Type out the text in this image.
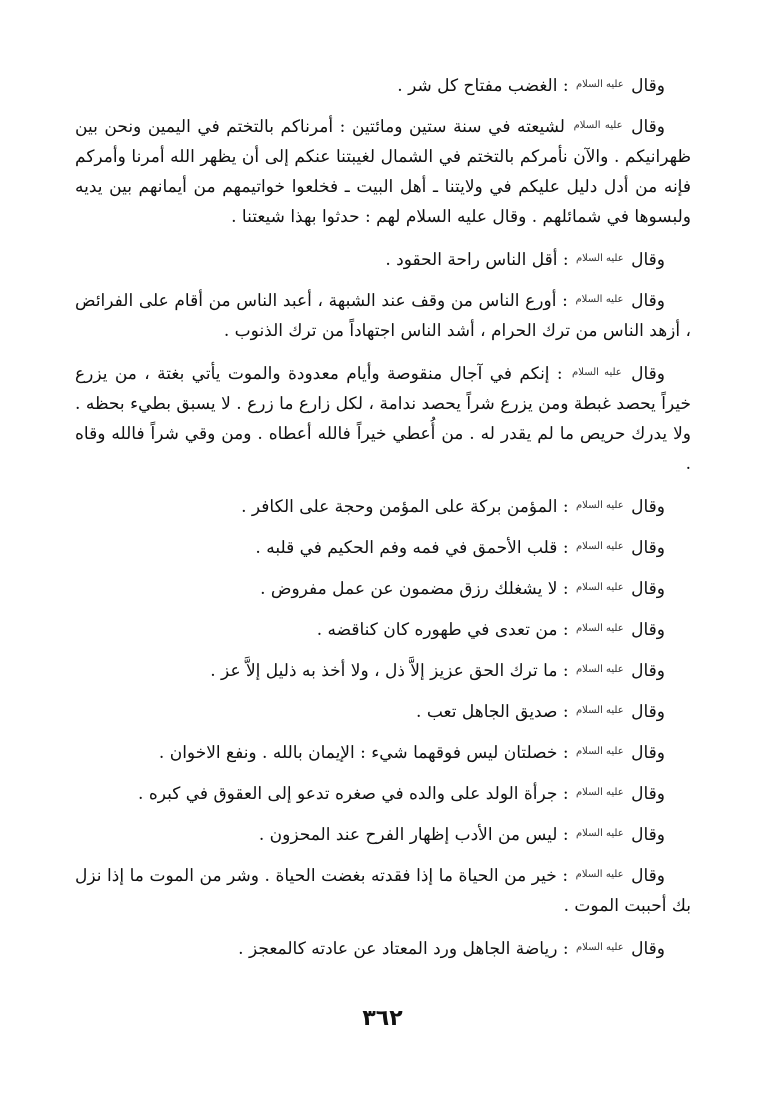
وقال $^{عليه السلام}$ : الغضب مفتاح كل شر .

وقال $^{عليه السلام}$ لشيعته في سنة ستين ومائتين : أمرناكم بالتختم في اليمين ونحن بين ظهرانيكم . والآن نأمركم بالتختم في الشمال لغيبتنا عنكم إلى أن يظهر الله أمرنا وأمركم فإنه من أدل دليل عليكم في ولايتنا ـ أهل البيت ـ فخلعوا خواتيمهم من أيمانهم بين يديه ولبسوها في شمائلهم . وقال عليه السلام لهم : حدثوا بهذا شيعتنا .

وقال $^{عليه السلام}$ : أقل الناس راحة الحقود .

وقال $^{عليه السلام}$ : أورع الناس من وقف عند الشبهة ، أعبد الناس من أقام على الفرائض ، أزهد الناس من ترك الحرام ، أشد الناس اجتهاداً من ترك الذنوب .

وقال $^{عليه السلام}$ : إنكم في آجال منقوصة وأيام معدودة والموت يأتي بغتة ، من يزرع خيراً يحصد غبطة ومن يزرع شراً يحصد ندامة ، لكل زارع ما زرع . لا يسبق بطيء بحظه . ولا يدرك حريص ما لم يقدر له . من أُعطي خيراً فالله أعطاه . ومن وقي شراً فالله وقاه .

وقال $^{عليه السلام}$ : المؤمن بركة على المؤمن وحجة على الكافر .

وقال $^{عليه السلام}$ : قلب الأحمق في فمه وفم الحكيم في قلبه .

وقال $^{عليه السلام}$ : لا يشغلك رزق مضمون عن عمل مفروض .

وقال $^{عليه السلام}$ : من تعدى في طهوره كان كناقضه .

وقال $^{عليه السلام}$ : ما ترك الحق عزيز إلاَّ ذل ، ولا أخذ به ذليل إلاَّ عز .

وقال $^{عليه السلام}$ : صديق الجاهل تعب .

وقال $^{عليه السلام}$ : خصلتان ليس فوقهما شيء : الإيمان بالله . ونفع الاخوان .

وقال $^{عليه السلام}$ : جرأة الولد على والده في صغره تدعو إلى العقوق في كبره .

وقال $^{عليه السلام}$ : ليس من الأدب إظهار الفرح عند المحزون .

وقال $^{عليه السلام}$ : خير من الحياة ما إذا فقدته بغضت الحياة . وشر من الموت ما إذا نزل بك أحببت الموت .

وقال $^{عليه السلام}$ : رياضة الجاهل ورد المعتاد عن عادته كالمعجز .

٣٦٢
